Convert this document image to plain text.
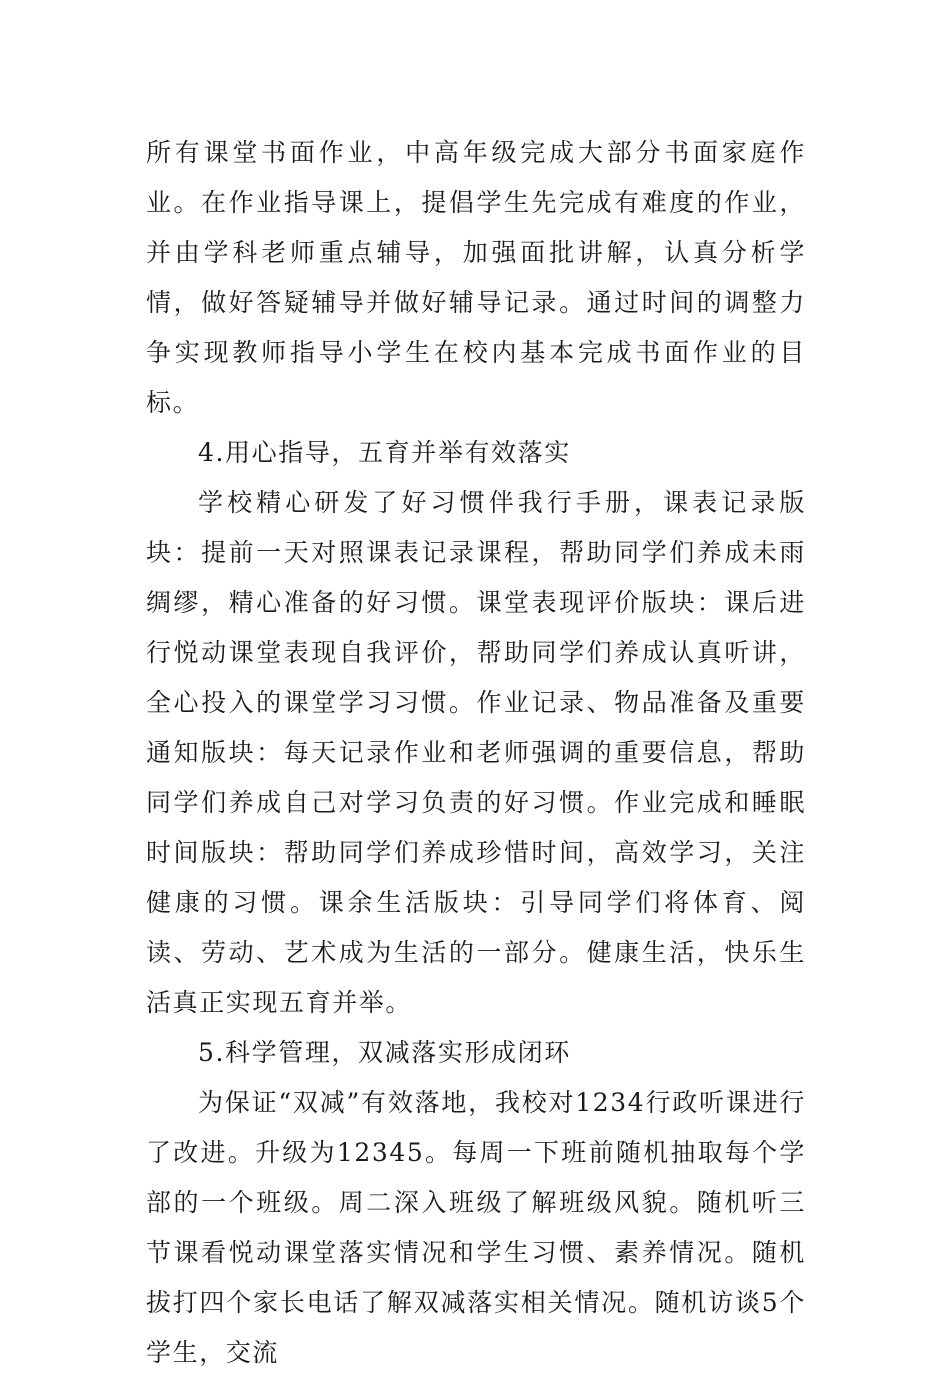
所有课堂书面作业，中高年级完成大部分书面家庭作业。在作业指导课上，提倡学生先完成有难度的作业，并由学科老师重点辅导，加强面批讲解，认真分析学情，做好答疑辅导并做好辅导记录。通过时间的调整力争实现教师指导小学生在校内基本完成书面作业的目标。

4.用心指导，五育并举有效落实

学校精心研发了好习惯伴我行手册，课表记录版块：提前一天对照课表记录课程，帮助同学们养成未雨绸缪，精心准备的好习惯。课堂表现评价版块：课后进行悦动课堂表现自我评价，帮助同学们养成认真听讲，全心投入的课堂学习习惯。作业记录、物品准备及重要通知版块：每天记录作业和老师强调的重要信息，帮助同学们养成自己对学习负责的好习惯。作业完成和睡眠时间版块：帮助同学们养成珍惜时间，高效学习，关注健康的习惯。课余生活版块：引导同学们将体育、阅读、劳动、艺术成为生活的一部分。健康生活，快乐生活真正实现五育并举。

5.科学管理，双减落实形成闭环

为保证“双减”有效落地，我校对1234行政听课进行了改进。升级为12345。每周一下班前随机抽取每个学部的一个班级。周二深入班级了解班级风貌。随机听三节课看悦动课堂落实情况和学生习惯、素养情况。随机拔打四个家长电话了解双减落实相关情况。随机访谈5个学生，交流
